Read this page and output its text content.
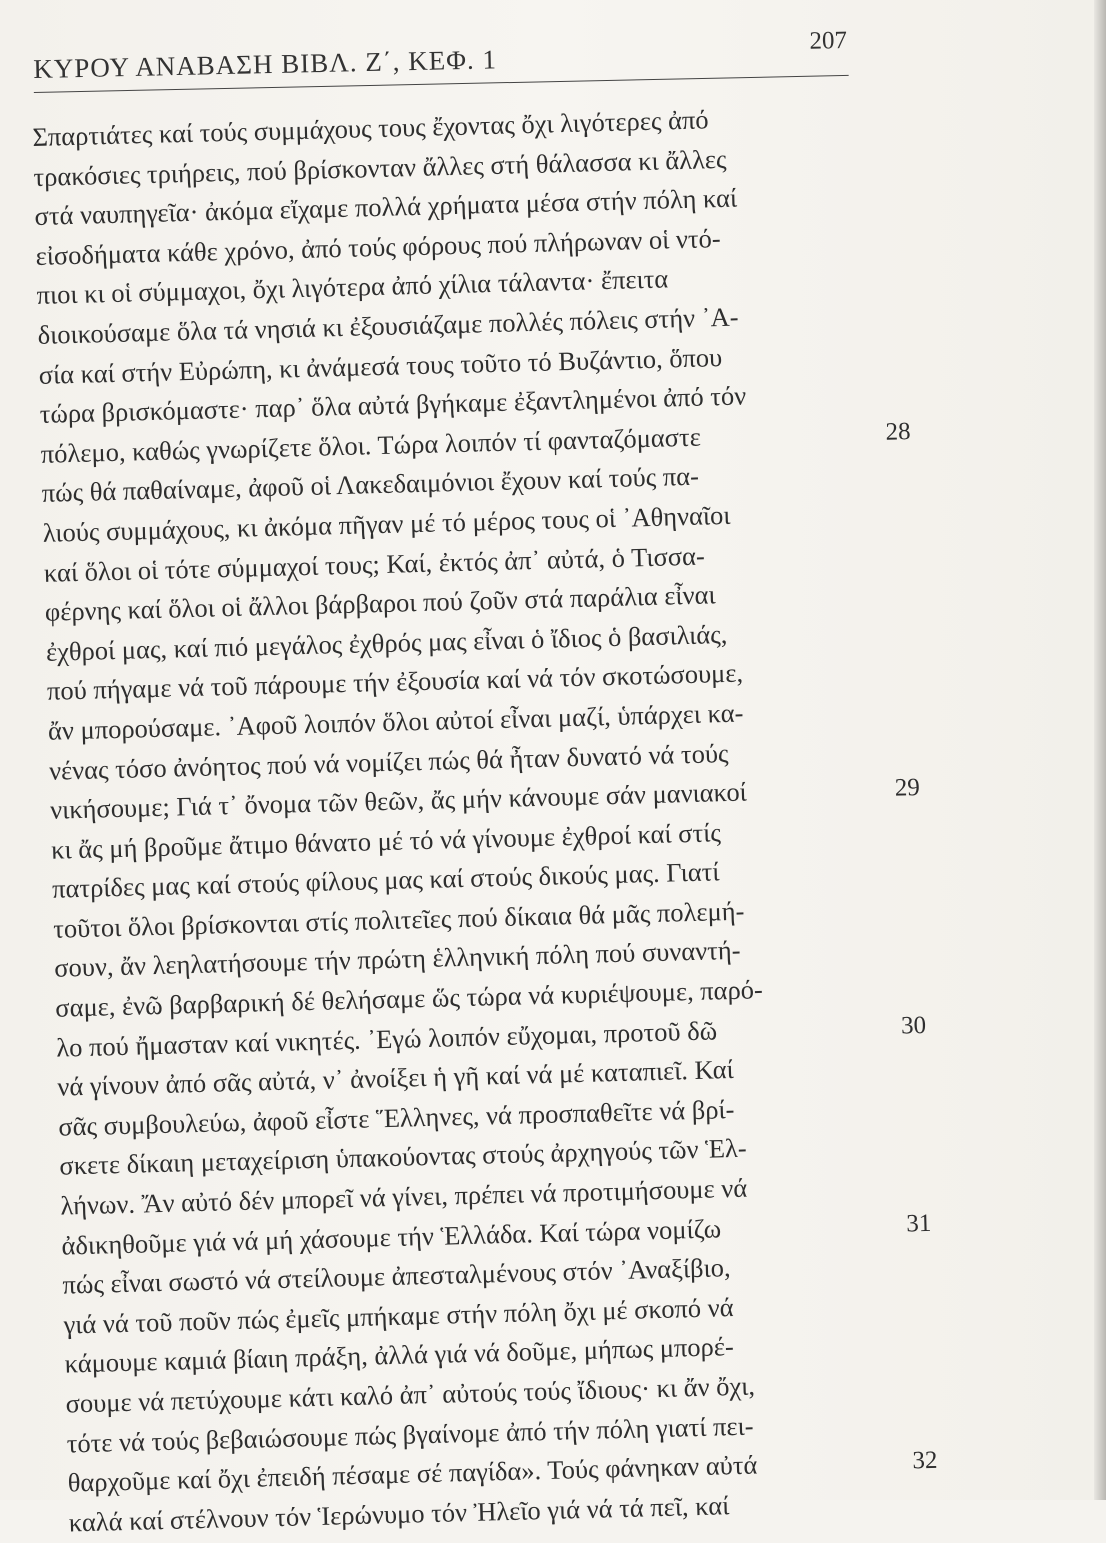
ΚΥΡΟΥ ΑΝΑΒΑΣΗ ΒΙΒΛ. Ζ΄, ΚΕΦ. 1
207
Σπαρτιάτες καί τούς συμμάχους τους ἔχοντας ὄχι λιγότερες ἀπό
τρακόσιες τριήρεις, πού βρίσκονταν ἄλλες στή θάλασσα κι ἄλλες
στά ναυπηγεῖα· ἀκόμα εἴχαμε πολλά χρήματα μέσα στήν πόλη καί
εἰσοδήματα κάθε χρόνο, ἀπό τούς φόρους πού πλήρωναν οἱ ντό-
πιοι κι οἱ σύμμαχοι, ὄχι λιγότερα ἀπό χίλια τάλαντα· ἔπειτα
διοικούσαμε ὅλα τά νησιά κι ἐξουσιάζαμε πολλές πόλεις στήν ᾿Α-
σία καί στήν Εὐρώπη, κι ἀνάμεσά τους τοῦτο τό Βυζάντιο, ὅπου
τώρα βρισκόμαστε· παρ᾿ ὅλα αὐτά βγήκαμε ἐξαντλημένοι ἀπό τόν
πόλεμο, καθώς γνωρίζετε ὅλοι. Τώρα λοιπόν τί φανταζόμαστε	28
πώς θά παθαίναμε, ἀφοῦ οἱ Λακεδαιμόνιοι ἔχουν καί τούς πα-
λιούς συμμάχους, κι ἀκόμα πῆγαν μέ τό μέρος τους οἱ ᾿Αθηναῖοι
καί ὅλοι οἱ τότε σύμμαχοί τους; Καί, ἐκτός ἀπ᾿ αὐτά, ὁ Τισσα-
φέρνης καί ὅλοι οἱ ἄλλοι βάρβαροι πού ζοῦν στά παράλια εἶναι
ἐχθροί μας, καί πιό μεγάλος ἐχθρός μας εἶναι ὁ ἴδιος ὁ βασιλιάς,
πού πήγαμε νά τοῦ πάρουμε τήν ἐξουσία καί νά τόν σκοτώσουμε,
ἄν μπορούσαμε. ᾿Αφοῦ λοιπόν ὅλοι αὐτοί εἶναι μαζί, ὑπάρχει κα-
νένας τόσο ἀνόητος πού νά νομίζει πώς θά ἦταν δυνατό νά τούς
νικήσουμε; Γιά τ᾿ ὄνομα τῶν θεῶν, ἄς μήν κάνουμε σάν μανιακοί	29
κι ἄς μή βροῦμε ἄτιμο θάνατο μέ τό νά γίνουμε ἐχθροί καί στίς
πατρίδες μας καί στούς φίλους μας καί στούς δικούς μας. Γιατί
τοῦτοι ὅλοι βρίσκονται στίς πολιτεῖες πού δίκαια θά μᾶς πολεμή-
σουν, ἄν λεηλατήσουμε τήν πρώτη ἑλληνική πόλη πού συναντή-
σαμε, ἐνῶ βαρβαρική δέ θελήσαμε ὥς τώρα νά κυριέψουμε, παρό-
λο πού ἤμασταν καί νικητές. ᾿Εγώ λοιπόν εὔχομαι, προτοῦ δῶ	30
νά γίνουν ἀπό σᾶς αὐτά, ν᾿ ἀνοίξει ἡ γῆ καί νά μέ καταπιεῖ. Καί
σᾶς συμβουλεύω, ἀφοῦ εἶστε Ἕλληνες, νά προσπαθεῖτε νά βρί-
σκετε δίκαιη μεταχείριση ὑπακούοντας στούς ἀρχηγούς τῶν Ἑλ-
λήνων. Ἄν αὐτό δέν μπορεῖ νά γίνει, πρέπει νά προτιμήσουμε νά
ἀδικηθοῦμε γιά νά μή χάσουμε τήν Ἑλλάδα. Καί τώρα νομίζω	31
πώς εἶναι σωστό νά στείλουμε ἀπεσταλμένους στόν ᾿Αναξίβιο,
γιά νά τοῦ ποῦν πώς ἐμεῖς μπήκαμε στήν πόλη ὄχι μέ σκοπό νά
κάμουμε καμιά βίαιη πράξη, ἀλλά γιά νά δοῦμε, μήπως μπορέ-
σουμε νά πετύχουμε κάτι καλό ἀπ᾿ αὐτούς τούς ἴδιους· κι ἄν ὄχι,
τότε νά τούς βεβαιώσουμε πώς βγαίνομε ἀπό τήν πόλη γιατί πει-
θαρχοῦμε καί ὄχι ἐπειδή πέσαμε σέ παγίδα». Τούς φάνηκαν αὐτά	32
καλά καί στέλνουν τόν Ἱερώνυμο τόν Ἠλεῖο γιά νά τά πεῖ, καί
